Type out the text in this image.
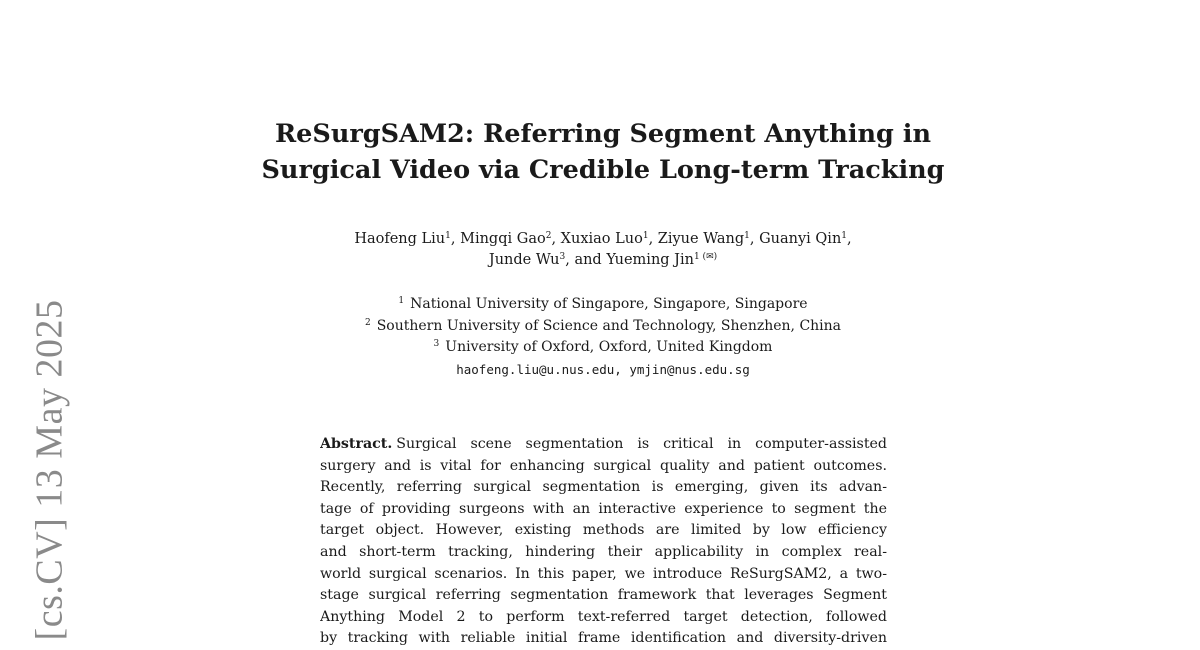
[cs.CV] 13 May 2025
ReSurgSAM2: Referring Segment Anything in
Surgical Video via Credible Long-term Tracking
Haofeng Liu$^1$, Mingqi Gao$^2$, Xuxiao Luo$^1$, Ziyue Wang$^1$, Guanyi Qin$^1$,
Junde Wu$^3$, and Yueming Jin$^{1 (✉)}$
$^1$ National University of Singapore, Singapore, Singapore
$^2$ Southern University of Science and Technology, Shenzhen, China
$^3$ University of Oxford, Oxford, United Kingdom
haofeng.liu@u.nus.edu, ymjin@nus.edu.sg
Abstract. Surgical scene segmentation is critical in computer-assisted
surgery and is vital for enhancing surgical quality and patient outcomes.
Recently, referring surgical segmentation is emerging, given its advan-
tage of providing surgeons with an interactive experience to segment the
target object. However, existing methods are limited by low efficiency
and short-term tracking, hindering their applicability in complex real-
world surgical scenarios. In this paper, we introduce ReSurgSAM2, a two-
stage surgical referring segmentation framework that leverages Segment
Anything Model 2 to perform text-referred target detection, followed
by tracking with reliable initial frame identification and diversity-driven
